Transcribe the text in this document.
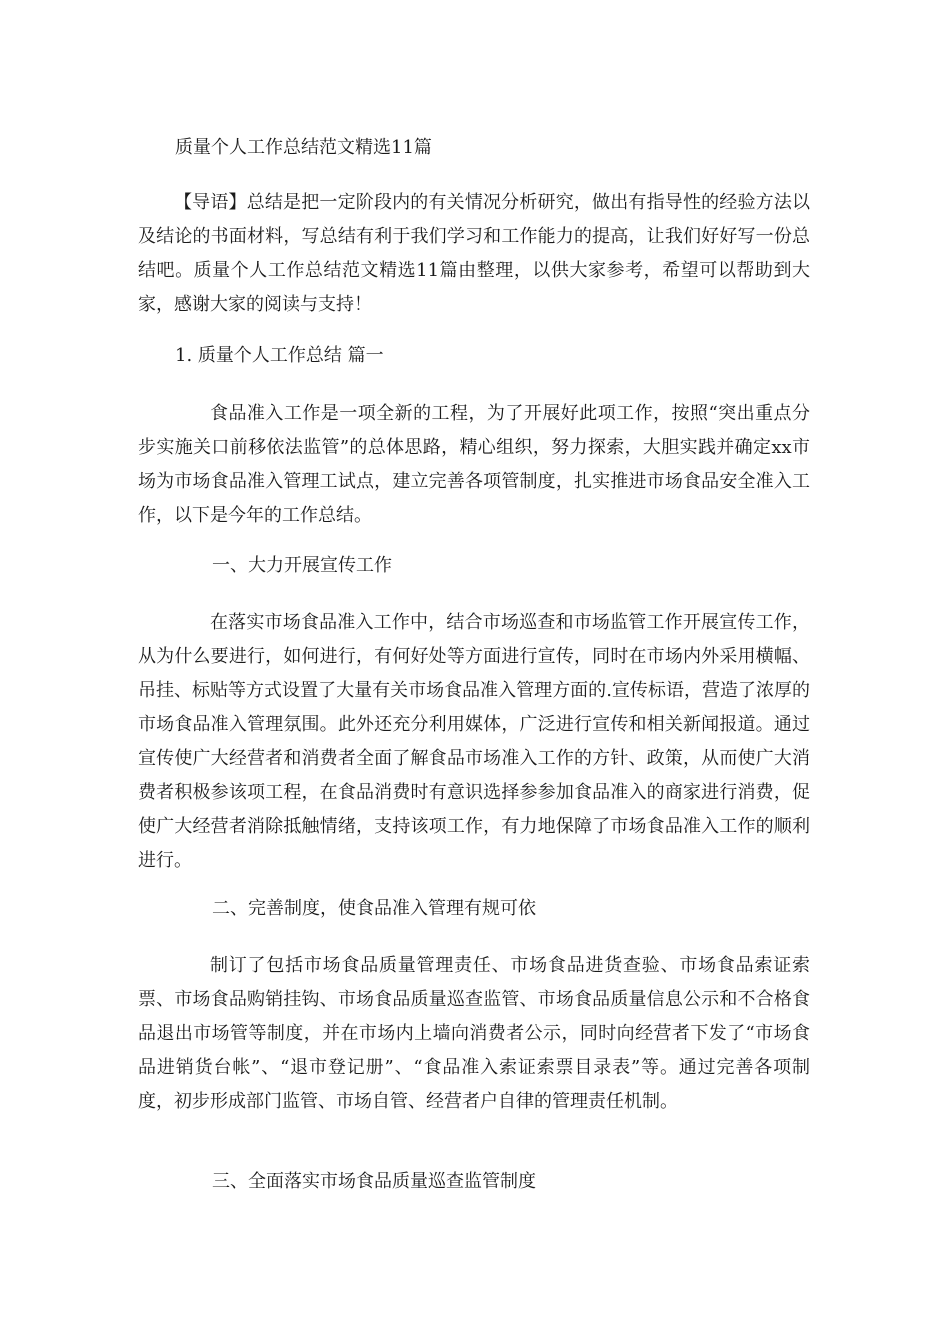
质量个人工作总结范文精选11篇

【导语】总结是把一定阶段内的有关情况分析研究，做出有指导性的经验方法以及结论的书面材料，写总结有利于我们学习和工作能力的提高，让我们好好写一份总结吧。质量个人工作总结范文精选11篇由整理，以供大家参考，希望可以帮助到大家，感谢大家的阅读与支持！

1. 质量个人工作总结 篇一

食品准入工作是一项全新的工程，为了开展好此项工作，按照“突出重点分步实施关口前移依法监管”的总体思路，精心组织，努力探索，大胆实践并确定xx市场为市场食品准入管理工试点，建立完善各项管制度，扎实推进市场食品安全准入工作，以下是今年的工作总结。

一、大力开展宣传工作

在落实市场食品准入工作中，结合市场巡查和市场监管工作开展宣传工作，从为什么要进行，如何进行，有何好处等方面进行宣传，同时在市场内外采用横幅、吊挂、标贴等方式设置了大量有关市场食品准入管理方面的.宣传标语，营造了浓厚的市场食品准入管理氛围。此外还充分利用媒体，广泛进行宣传和相关新闻报道。通过宣传使广大经营者和消费者全面了解食品市场准入工作的方针、政策，从而使广大消费者积极参该项工程，在食品消费时有意识选择参参加食品准入的商家进行消费，促使广大经营者消除抵触情绪，支持该项工作，有力地保障了市场食品准入工作的顺利进行。

二、完善制度，使食品准入管理有规可依

制订了包括市场食品质量管理责任、市场食品进货查验、市场食品索证索票、市场食品购销挂钩、市场食品质量巡查监管、市场食品质量信息公示和不合格食品退出市场管等制度，并在市场内上墙向消费者公示，同时向经营者下发了“市场食品进销货台帐”、“退市登记册”、“食品准入索证索票目录表”等。通过完善各项制度，初步形成部门监管、市场自管、经营者户自律的管理责任机制。

三、全面落实市场食品质量巡查监管制度
